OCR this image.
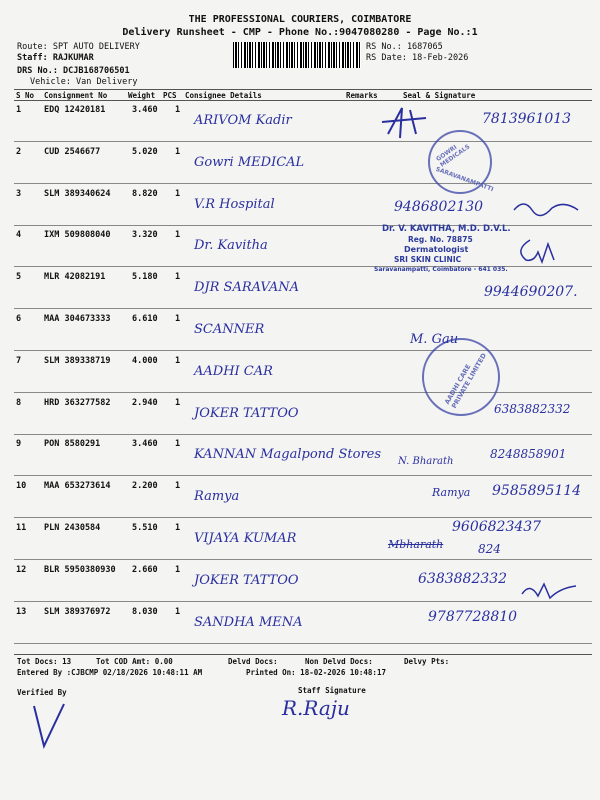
THE PROFESSIONAL COURIERS, COIMBATORE
Delivery Runsheet - CMP - Phone No.:9047080280 - Page No.:1
Route: SPT AUTO DELIVERY
Staff: RAJKUMAR
DRS No.: DCJB168706501
Vehicle: Van Delivery
RS No.: 1687065
RS Date: 18-Feb-2026
S No Consignment No	Weight PCS Consignee Details	Remarks	Seal & Signature
1	EDQ 12420181	3.460 1
ARIVOM Kadir	7813961013
2	CUD 2546677	5.020 1
Gowri MEDICAL
3	SLM 389340624	8.820 1
V.R Hospital	9486802130
4	IXM 509808040	3.320 1
Dr. Kavitha
5	MLR 42082191	5.180 1
DJR SARAVANA	9944690207.
6	MAA 304673333	6.610 1
SCANNER
7	SLM 389338719	4.000 1
AADHI CAR
8	HRD 363277582	2.940 1
JOKER TATTOO	6383882332
9	PON 8580291	3.460 1
KANNAN Magalpond Stores	8248858901
10 MAA 653273614	2.200 1
Ramya	9585895114
11 PLN 2430584	5.510 1
VIJAYA KUMAR
9606823437
12 BLR 5950380930 2.660 1
JOKER TATTOO	6383882332
13 SLM 389376972	8.030 1
SANDHA MENA	9787728810
GOWRI MEDICALS
SARAVANAMPATTI
Dr. V. KAVITHA, M.D. D.V.L.
Reg. No. 78875
Dermatologist
SRI SKIN CLINIC
Saravanampatti, Coimbatore - 641 035.
AADHI CARE PRIVATE LIMITED
M. Gau
N. Bharath
Ramya
Mbharath	824
Tot Docs: 13	Tot COD Amt: 0.00	Delvd Docs:	Non Delvd Docs:	Delvy Pts:
Entered By :CJBCMP 02/18/2026 10:48:11 AM	Printed On: 18-02-2026 10:48:17
Verified By	Staff Signature
R.Raju
